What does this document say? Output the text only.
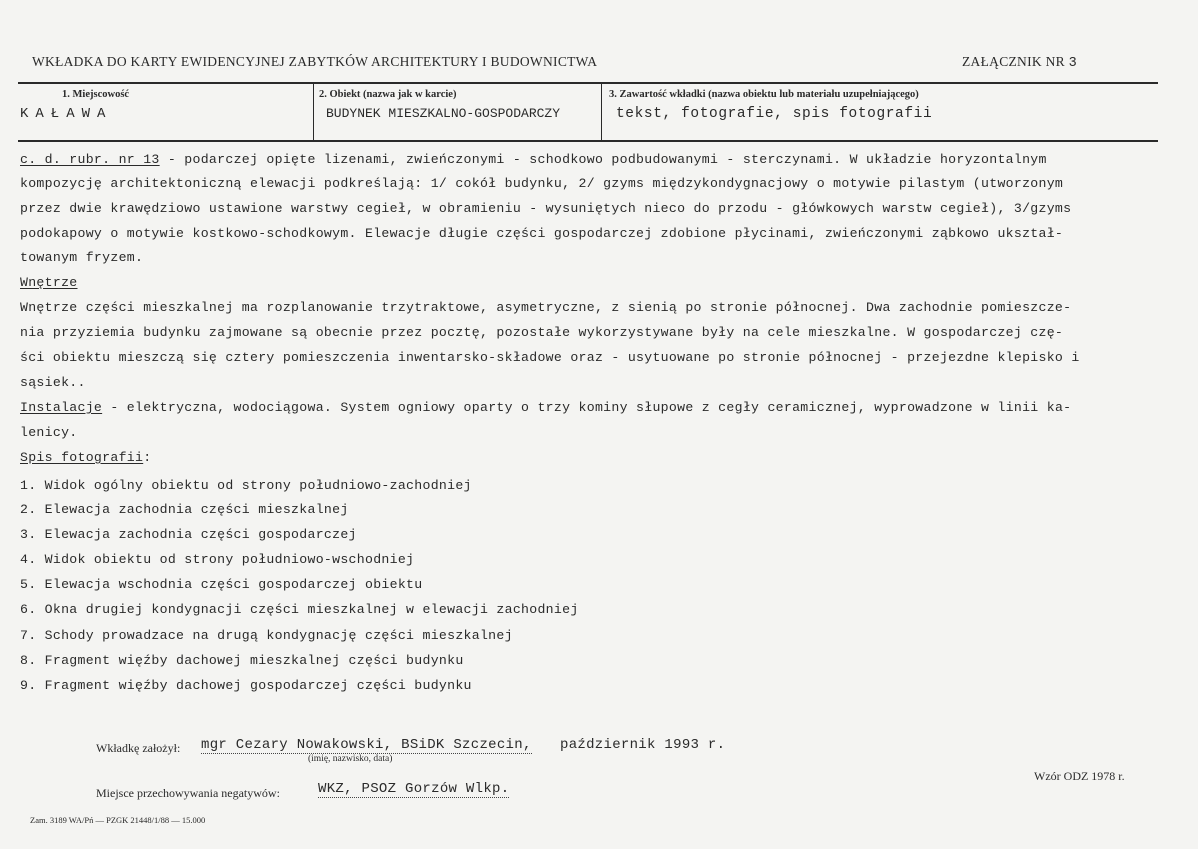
WKŁADKA DO KARTY EWIDENCYJNEJ ZABYTKÓW ARCHITEKTURY I BUDOWNICTWA	ZAŁĄCZNIK NR 3
1. Miejscowość	2. Obiekt (nazwa jak w karcie)	3. Zawartość wkładki (nazwa obiektu lub materiału uzupełniającego)
KAŁAWA	BUDYNEK MIESZKALNO-GOSPODARCZY	tekst, fotografie, spis fotografii
c. d. rubr. nr 13 - podarczej opięte lizenami, zwieńczonymi - schodkowo podbudowanymi - sterczynami. W układzie horyzontalnym
kompozycję architektoniczną elewacji podkreślają: 1/ cokół budynku, 2/ gzyms międzykondygnacjowy o motywie pilastym (utworzonym
przez dwie krawędziowo ustawione warstwy cegieł, w obramieniu - wysuniętych nieco do przodu - główkowych warstw cegieł), 3/gzyms
podokapowy o motywie kostkowo-schodkowym. Elewacje długie części gospodarczej zdobione płycinami, zwieńczonymi ząbkowo ukształ-
towanym fryzem.
Wnętrze
Wnętrze części mieszkalnej ma rozplanowanie trzytraktowe, asymetryczne, z sienią po stronie północnej. Dwa zachodnie pomieszcze-
nia przyziemia budynku zajmowane są obecnie przez pocztę, pozostałe wykorzystywane były na cele mieszkalne. W gospodarczej czę-
ści obiektu mieszczą się cztery pomieszczenia inwentarsko-składowe oraz - usytuowane po stronie północnej - przejezdne klepisko i
sąsiek..
Instalacje - elektryczna, wodociągowa. System ogniowy oparty o trzy kominy słupowe z cegły ceramicznej, wyprowadzone w linii ka-
lenicy.
Spis fotografii:
1. Widok ogólny obiektu od strony południowo-zachodniej
2. Elewacja zachodnia części mieszkalnej
3. Elewacja zachodnia części gospodarczej
4. Widok obiektu od strony południowo-wschodniej
5. Elewacja wschodnia części gospodarczej obiektu
6. Okna drugiej kondygnacji części mieszkalnej w elewacji zachodniej
7. Schody prowadzace na drugą kondygnację części mieszkalnej
8. Fragment więźby dachowej mieszkalnej części budynku
9. Fragment więźby dachowej gospodarczej części budynku
Wkładkę założył: mgr Cezary Nowakowski, BSiDK Szczecin, październik 1993 r.
(imię, nazwisko, data)
Wzór ODZ 1978 r.
Miejsce przechowywania negatywów:	WKZ, PSOZ Gorzów Wlkp.
Zam. 3189 WA/Pń — PZGK 21448/1/88 — 15.000
